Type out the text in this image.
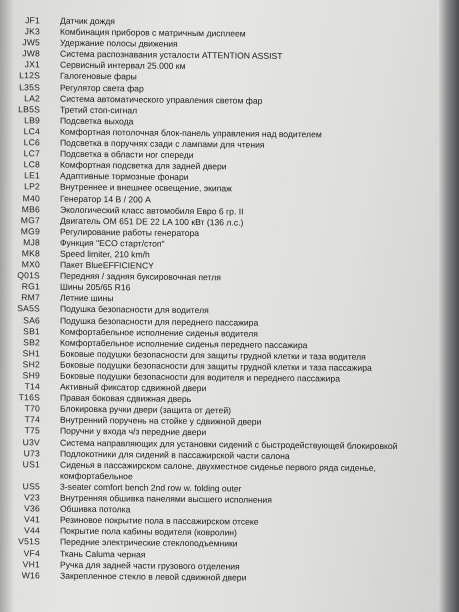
JF1	Датчик дождя
JK3	Комбинация приборов с матричным дисплеем
JW5	Удержание полосы движения
JW8	Система распознавания усталости ATTENTION ASSIST
JX1	Сервисный интервал 25.000 км
L12S	Галогеновые фары
L35S	Регулятор света фар
LA2	Система автоматического управления светом фар
LB5S	Третий стоп-сигнал
LB9	Подсветка выхода
LC4	Комфортная потолочная блок-панель управления над водителем
LC6	Подсветка в поручнях сзади с лампами для чтения
LC7	Подсветка в области ног спереди
LC8	Комфортная подсветка для задней двери
LE1	Адаптивные тормозные фонари
LP2	Внутреннее и внешнее освещение, экипаж
M40	Генератор 14 В / 200 А
MB6	Экологический класс автомобиля Евро 6 гр. II
MG7	Двигатель OM 651 DE 22 LA 100 кВт (136 л.с.)
MG9	Регулирование работы генератора
MJ8	Функция "ECO старт/стоп"
MK8	Speed limiter, 210 km/h
MX0	Пакет BlueEFFICIENCY
Q01S	Передняя / задняя буксировочная петля
RG1	Шины 205/65 R16
RM7	Летние шины
SA5S	Подушка безопасности для водителя
SA6	Подушка безопасности для переднего пассажира
SB1	Комфортабельное исполнение сиденья водителя
SB2	Комфортабельное исполнение сиденья переднего пассажира
SH1	Боковые подушки безопасности для защиты грудной клетки и таза водителя
SH2	Боковые подушки безопасности для защиты грудной клетки и таза пассажира
SH9	Боковые подушки безопасности для водителя и переднего пассажира
T14	Активный фиксатор сдвижной двери
T16S	Правая боковая сдвижная дверь
T70	Блокировка ручки двери (защита от детей)
T74	Внутренний поручень на стойке у сдвижной двери
T75	Поручни у входа ч/з передние двери
U3V	Система направляющих для установки сидений с быстродействующей блокировкой
U73	Подлокотники для сидений в пассажирской части салона
US1	Сиденья в пассажирском салоне, двухместное сиденье первого ряда сиденье, комфортабельное
US5	3-seater comfort bench 2nd row w. folding outer
V23	Внутренняя обшивка панелями высшего исполнения
V36	Обшивка потолка
V41	Резиновое покрытие пола в пассажирском отсеке
V44	Покрытие пола кабины водителя (ковролин)
V51S	Передние электрические стеклоподъемники
VF4	Ткань Caluma черная
VH1	Ручка для задней части грузового отделения
W16	Закрепленное стекло в левой сдвижной двери
